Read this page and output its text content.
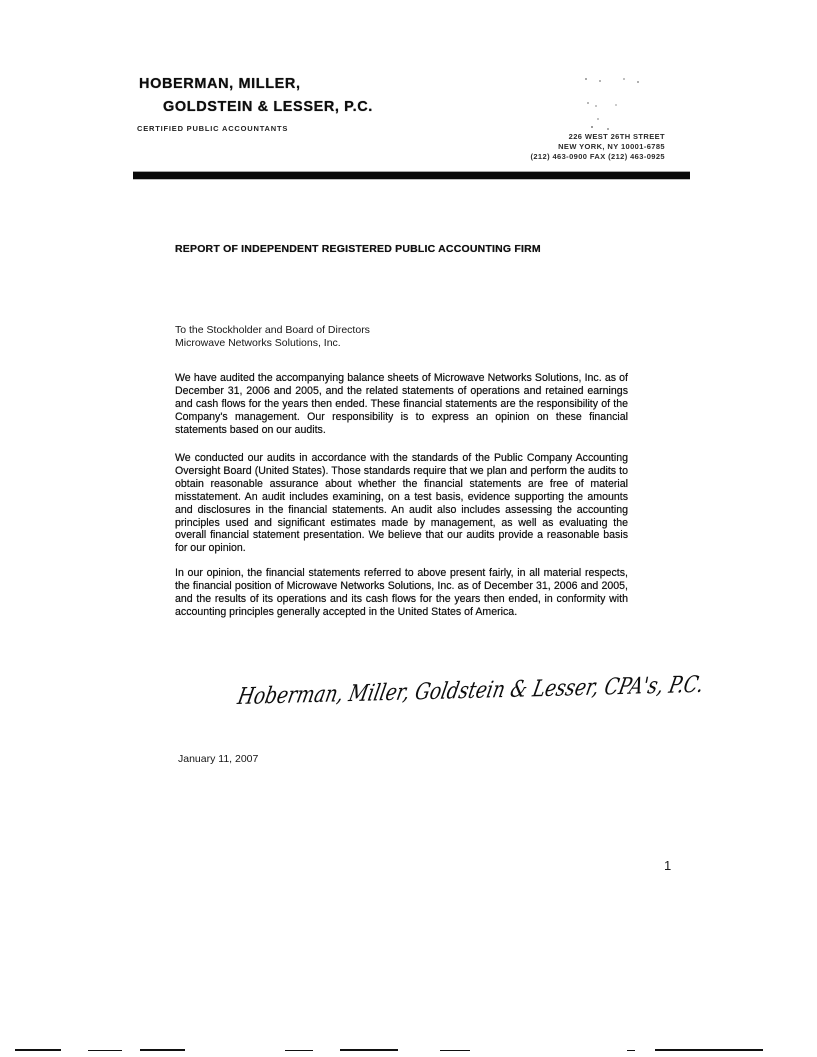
HOBERMAN, MILLER,
GOLDSTEIN & LESSER, P.C.
CERTIFIED PUBLIC ACCOUNTANTS
226 WEST 26TH STREET
NEW YORK, NY 10001-6785
(212) 463-0900 FAX (212) 463-0925
REPORT OF INDEPENDENT REGISTERED PUBLIC ACCOUNTING FIRM
To the Stockholder and Board of Directors
Microwave Networks Solutions, Inc.

We have audited the accompanying balance sheets of Microwave Networks Solutions, Inc. as of December 31, 2006 and 2005, and the related statements of operations and retained earnings and cash flows for the years then ended. These financial statements are the responsibility of the Company's management. Our responsibility is to express an opinion on these financial statements based on our audits.

We conducted our audits in accordance with the standards of the Public Company Accounting Oversight Board (United States). Those standards require that we plan and perform the audits to obtain reasonable assurance about whether the financial statements are free of material misstatement. An audit includes examining, on a test basis, evidence supporting the amounts and disclosures in the financial statements. An audit also includes assessing the accounting principles used and significant estimates made by management, as well as evaluating the overall financial statement presentation. We believe that our audits provide a reasonable basis for our opinion.

In our opinion, the financial statements referred to above present fairly, in all material respects, the financial position of Microwave Networks Solutions, Inc. as of December 31, 2006 and 2005, and the results of its operations and its cash flows for the years then ended, in conformity with accounting principles generally accepted in the United States of America.

Hoberman, Miller, Goldstein & Lesser, CPA's, P.C.
January 11, 2007
1
